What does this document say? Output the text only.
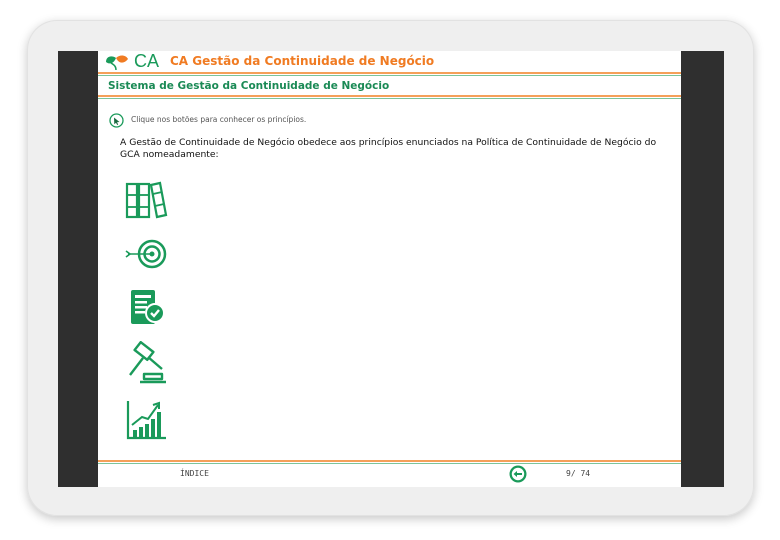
CA CA Gestão da Continuidade de Negócio
Sistema de Gestão da Continuidade de Negócio
Clique nos botões para conhecer os princípios.
A Gestão de Continuidade de Negócio obedece aos princípios enunciados na Política de Continuidade de Negócio do GCA nomeadamente:
ÍNDICE	9/ 74
